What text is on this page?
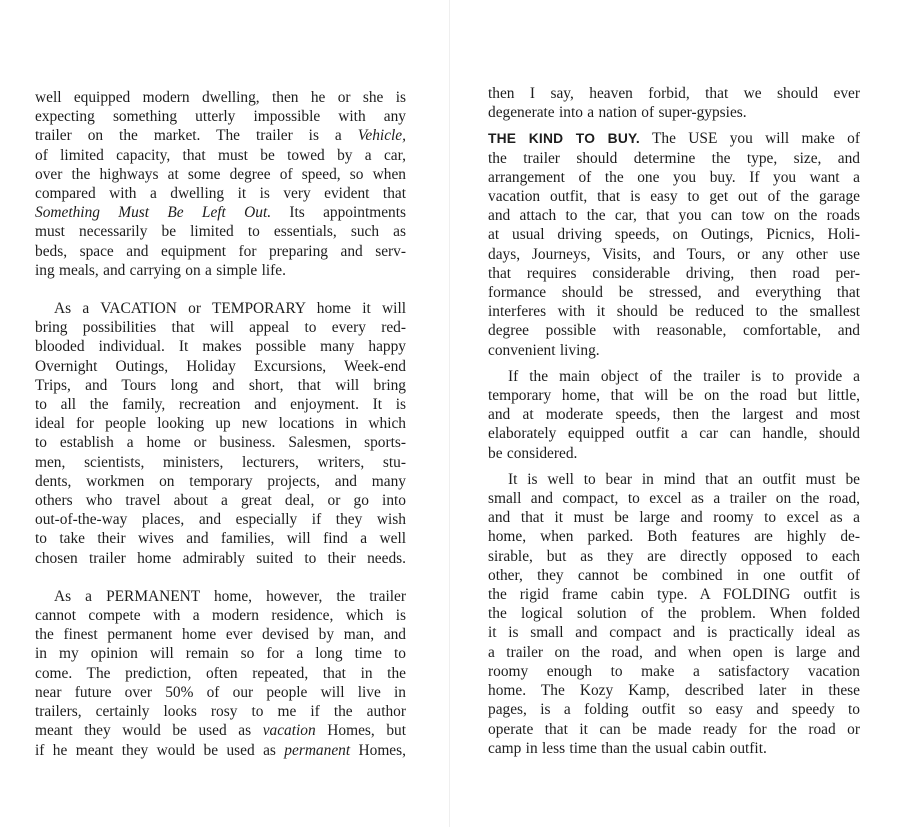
well equipped modern dwelling, then he or she is

expecting something utterly impossible with any

trailer on the market. The trailer is a Vehicle,

of limited capacity, that must be towed by a car,

over the highways at some degree of speed, so when

compared with a dwelling it is very evident that

Something Must Be Left Out. Its appointments

must necessarily be limited to essentials, such as

beds, space and equipment for preparing and serv-

ing meals, and carrying on a simple life.

As a VACATION or TEMPORARY home it will

bring possibilities that will appeal to every red-

blooded individual. It makes possible many happy

Overnight Outings, Holiday Excursions, Week-end

Trips, and Tours long and short, that will bring

to all the family, recreation and enjoyment. It is

ideal for people looking up new locations in which

to establish a home or business. Salesmen, sports-

men, scientists, ministers, lecturers, writers, stu-

dents, workmen on temporary projects, and many

others who travel about a great deal, or go into

out-of-the-way places, and especially if they wish

to take their wives and families, will find a well

chosen trailer home admirably suited to their needs.

As a PERMANENT home, however, the trailer

cannot compete with a modern residence, which is

the finest permanent home ever devised by man, and

in my opinion will remain so for a long time to

come. The prediction, often repeated, that in the

near future over 50% of our people will live in

trailers, certainly looks rosy to me if the author

meant they would be used as vacation Homes, but

if he meant they would be used as permanent Homes,

then I say, heaven forbid, that we should ever

degenerate into a nation of super-gypsies.

THE KIND TO BUY. The USE you will make of

the trailer should determine the type, size, and

arrangement of the one you buy. If you want a

vacation outfit, that is easy to get out of the garage

and attach to the car, that you can tow on the roads

at usual driving speeds, on Outings, Picnics, Holi-

days, Journeys, Visits, and Tours, or any other use

that requires considerable driving, then road per-

formance should be stressed, and everything that

interferes with it should be reduced to the smallest

degree possible with reasonable, comfortable, and

convenient living.

If the main object of the trailer is to provide a

temporary home, that will be on the road but little,

and at moderate speeds, then the largest and most

elaborately equipped outfit a car can handle, should

be considered.

It is well to bear in mind that an outfit must be

small and compact, to excel as a trailer on the road,

and that it must be large and roomy to excel as a

home, when parked. Both features are highly de-

sirable, but as they are directly opposed to each

other, they cannot be combined in one outfit of

the rigid frame cabin type. A FOLDING outfit is

the logical solution of the problem. When folded

it is small and compact and is practically ideal as

a trailer on the road, and when open is large and

roomy enough to make a satisfactory vacation

home. The Kozy Kamp, described later in these

pages, is a folding outfit so easy and speedy to

operate that it can be made ready for the road or

camp in less time than the usual cabin outfit.
